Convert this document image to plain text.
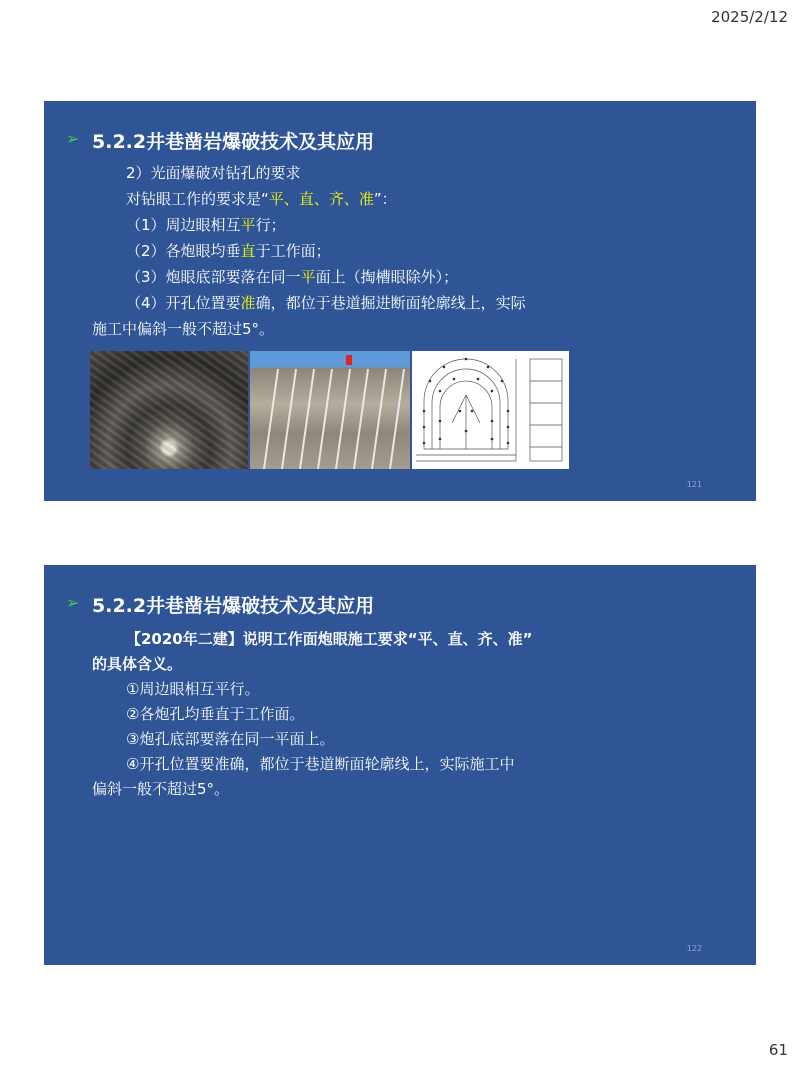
2025/2/12
➢ 5.2.2井巷凿岩爆破技术及其应用
2）光面爆破对钻孔的要求
对钻眼工作的要求是“平、直、齐、准”：
（1）周边眼相互平行；
（2）各炮眼均垂直于工作面；
（3）炮眼底部要落在同一平面上（掏槽眼除外）；
（4）开孔位置要准确，都位于巷道掘进断面轮廓线上，实际
施工中偏斜一般不超过5°。
121
➢ 5.2.2井巷凿岩爆破技术及其应用
【2020年二建】说明工作面炮眼施工要求“平、直、齐、准”
的具体含义。
①周边眼相互平行。
②各炮孔均垂直于工作面。
③炮孔底部要落在同一平面上。
④开孔位置要准确，都位于巷道断面轮廓线上，实际施工中
偏斜一般不超过5°。
122
61
